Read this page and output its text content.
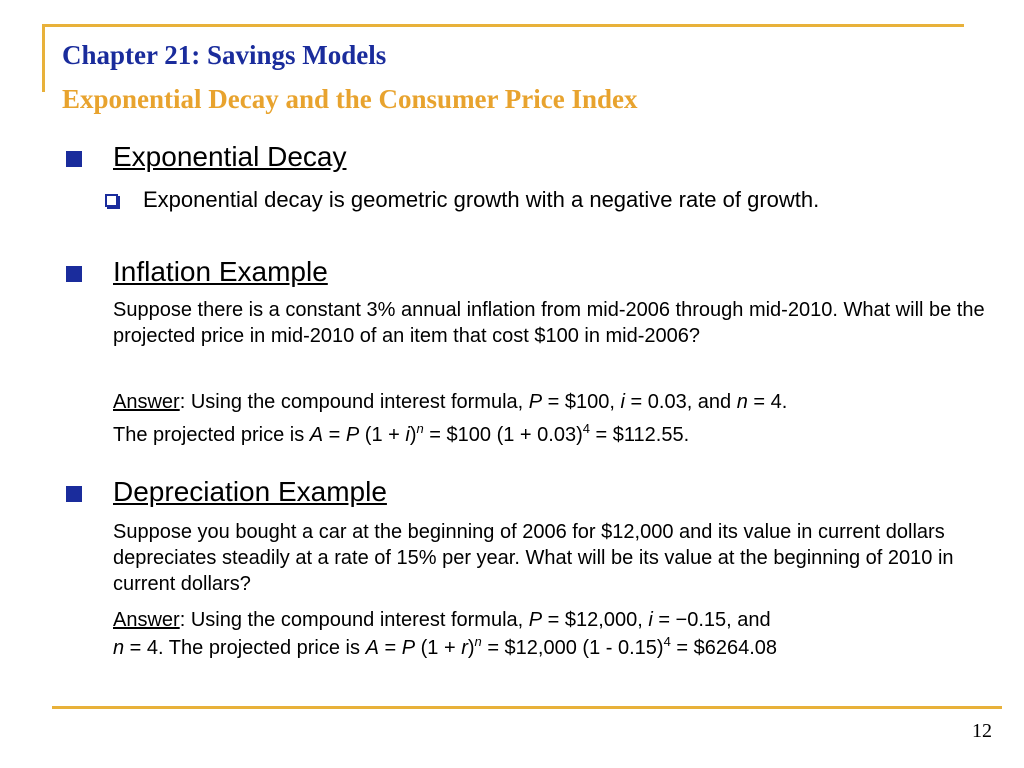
Chapter 21: Savings Models
Exponential Decay and the Consumer Price Index
Exponential Decay
Exponential decay is geometric growth with a negative rate of growth.
Inflation Example
Suppose there is a constant 3% annual inflation from mid-2006 through mid-2010. What will be the projected price in mid-2010 of an item that cost $100 in mid-2006?
Answer: Using the compound interest formula, P = $100, i = 0.03, and n = 4.
The projected price is A = P $(1 + i)^n$ = $100 $(1 + 0.03)^4$ = $112.55.
Depreciation Example
Suppose you bought a car at the beginning of 2006 for $12,000 and its value in current dollars depreciates steadily at a rate of 15% per year. What will be its value at the beginning of 2010 in current dollars?
Answer: Using the compound interest formula, P = $12,000, i = −0.15, and
n = 4. The projected price is A = P $(1 + r)^n$ = $12,000 (1 - 0.15)$^4$ = $6264.08
12
